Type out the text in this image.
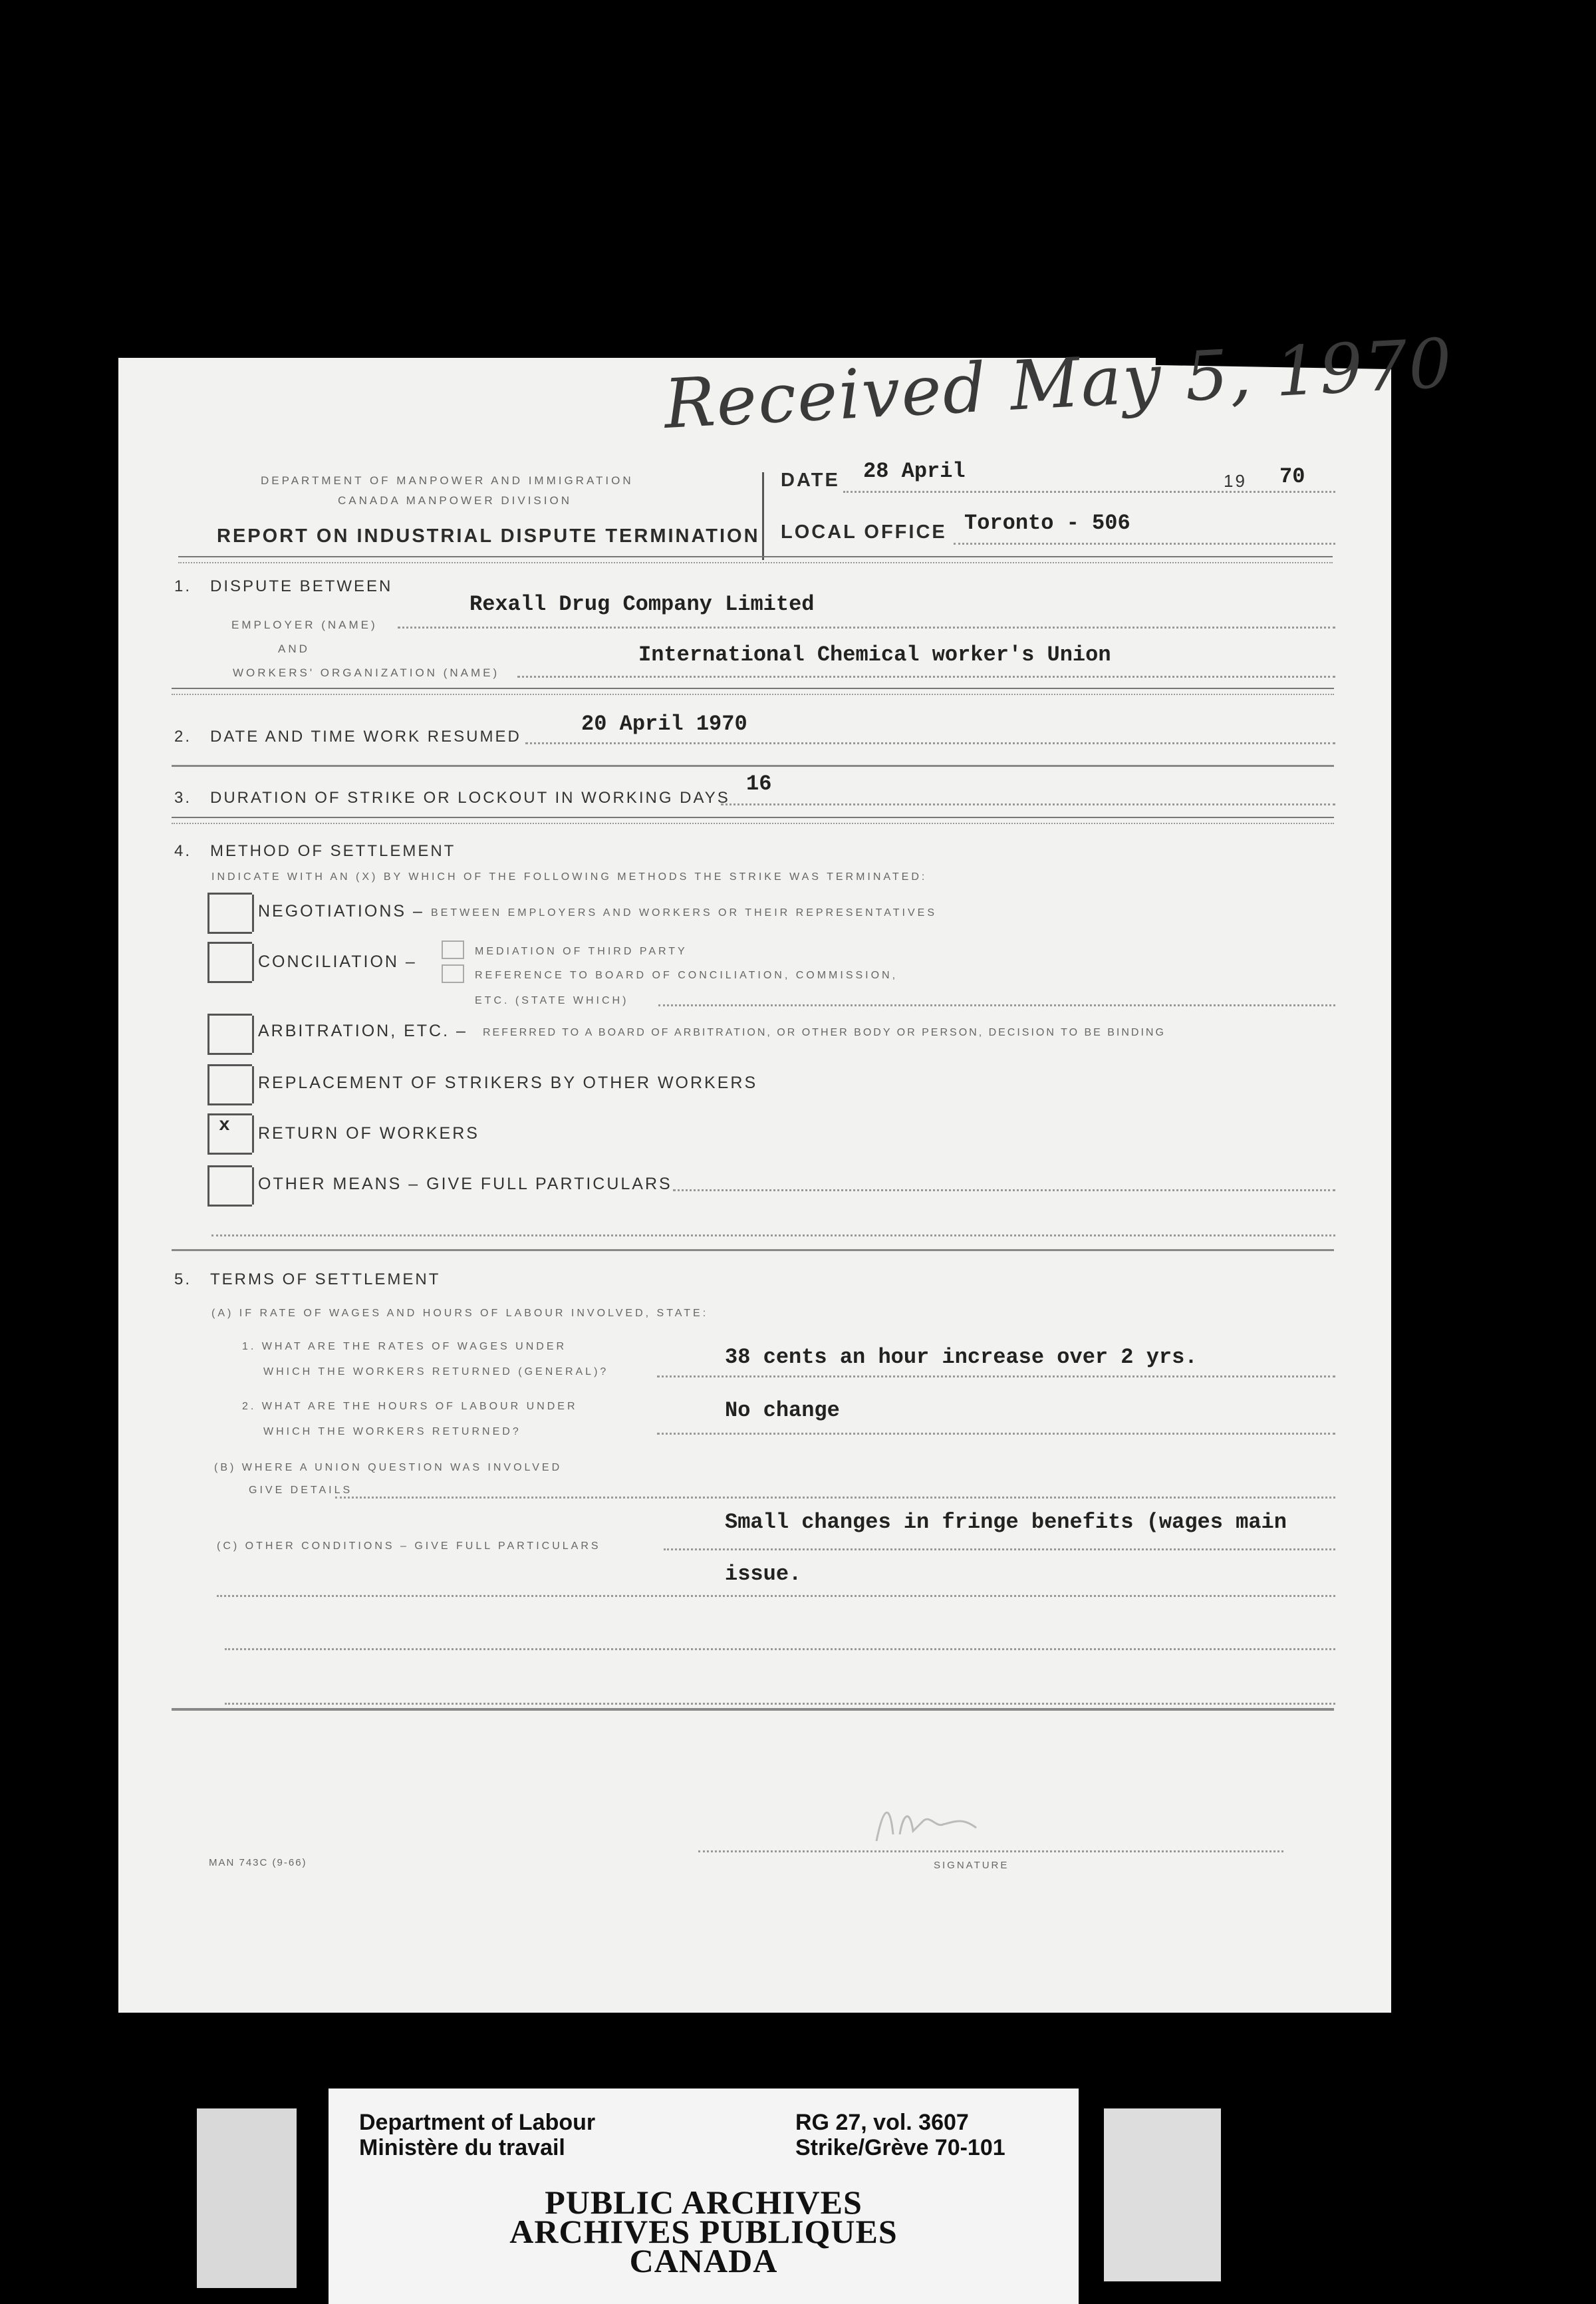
Received May 5, 1970
DEPARTMENT OF MANPOWER AND IMMIGRATION
CANADA MANPOWER DIVISION
REPORT ON INDUSTRIAL DISPUTE TERMINATION
DATE 28 April	19 70
LOCAL OFFICE Toronto - 506
1. DISPUTE BETWEEN
EMPLOYER (NAME)
Rexall Drug Company Limited
AND
WORKERS' ORGANIZATION (NAME)
International Chemical worker's Union
2. DATE AND TIME WORK RESUMED
20 April 1970
3. DURATION OF STRIKE OR LOCKOUT IN WORKING DAYS
16
4. METHOD OF SETTLEMENT
INDICATE WITH AN (X) BY WHICH OF THE FOLLOWING METHODS THE STRIKE WAS TERMINATED:
NEGOTIATIONS – BETWEEN EMPLOYERS AND WORKERS OR THEIR REPRESENTATIVES
CONCILIATION –
MEDIATION OF THIRD PARTY
REFERENCE TO BOARD OF CONCILIATION, COMMISSION,
ETC. (STATE WHICH)
ARBITRATION, ETC. – REFERRED TO A BOARD OF ARBITRATION, OR OTHER BODY OR PERSON, DECISION TO BE BINDING
REPLACEMENT OF STRIKERS BY OTHER WORKERS
x RETURN OF WORKERS
OTHER MEANS – GIVE FULL PARTICULARS
5. TERMS OF SETTLEMENT
(A) IF RATE OF WAGES AND HOURS OF LABOUR INVOLVED, STATE:
1. WHAT ARE THE RATES OF WAGES UNDER
WHICH THE WORKERS RETURNED (GENERAL)?
38 cents an hour increase over 2 yrs.
2. WHAT ARE THE HOURS OF LABOUR UNDER
WHICH THE WORKERS RETURNED?
No change
(B) WHERE A UNION QUESTION WAS INVOLVED
GIVE DETAILS
Small changes in fringe benefits (wages main
(C) OTHER CONDITIONS – GIVE FULL PARTICULARS
issue.
MAN 743C (9-66)	SIGNATURE
Department of Labour
Ministère du travail
RG 27, vol. 3607
Strike/Grève 70-101
PUBLIC ARCHIVES
ARCHIVES PUBLIQUES
CANADA
